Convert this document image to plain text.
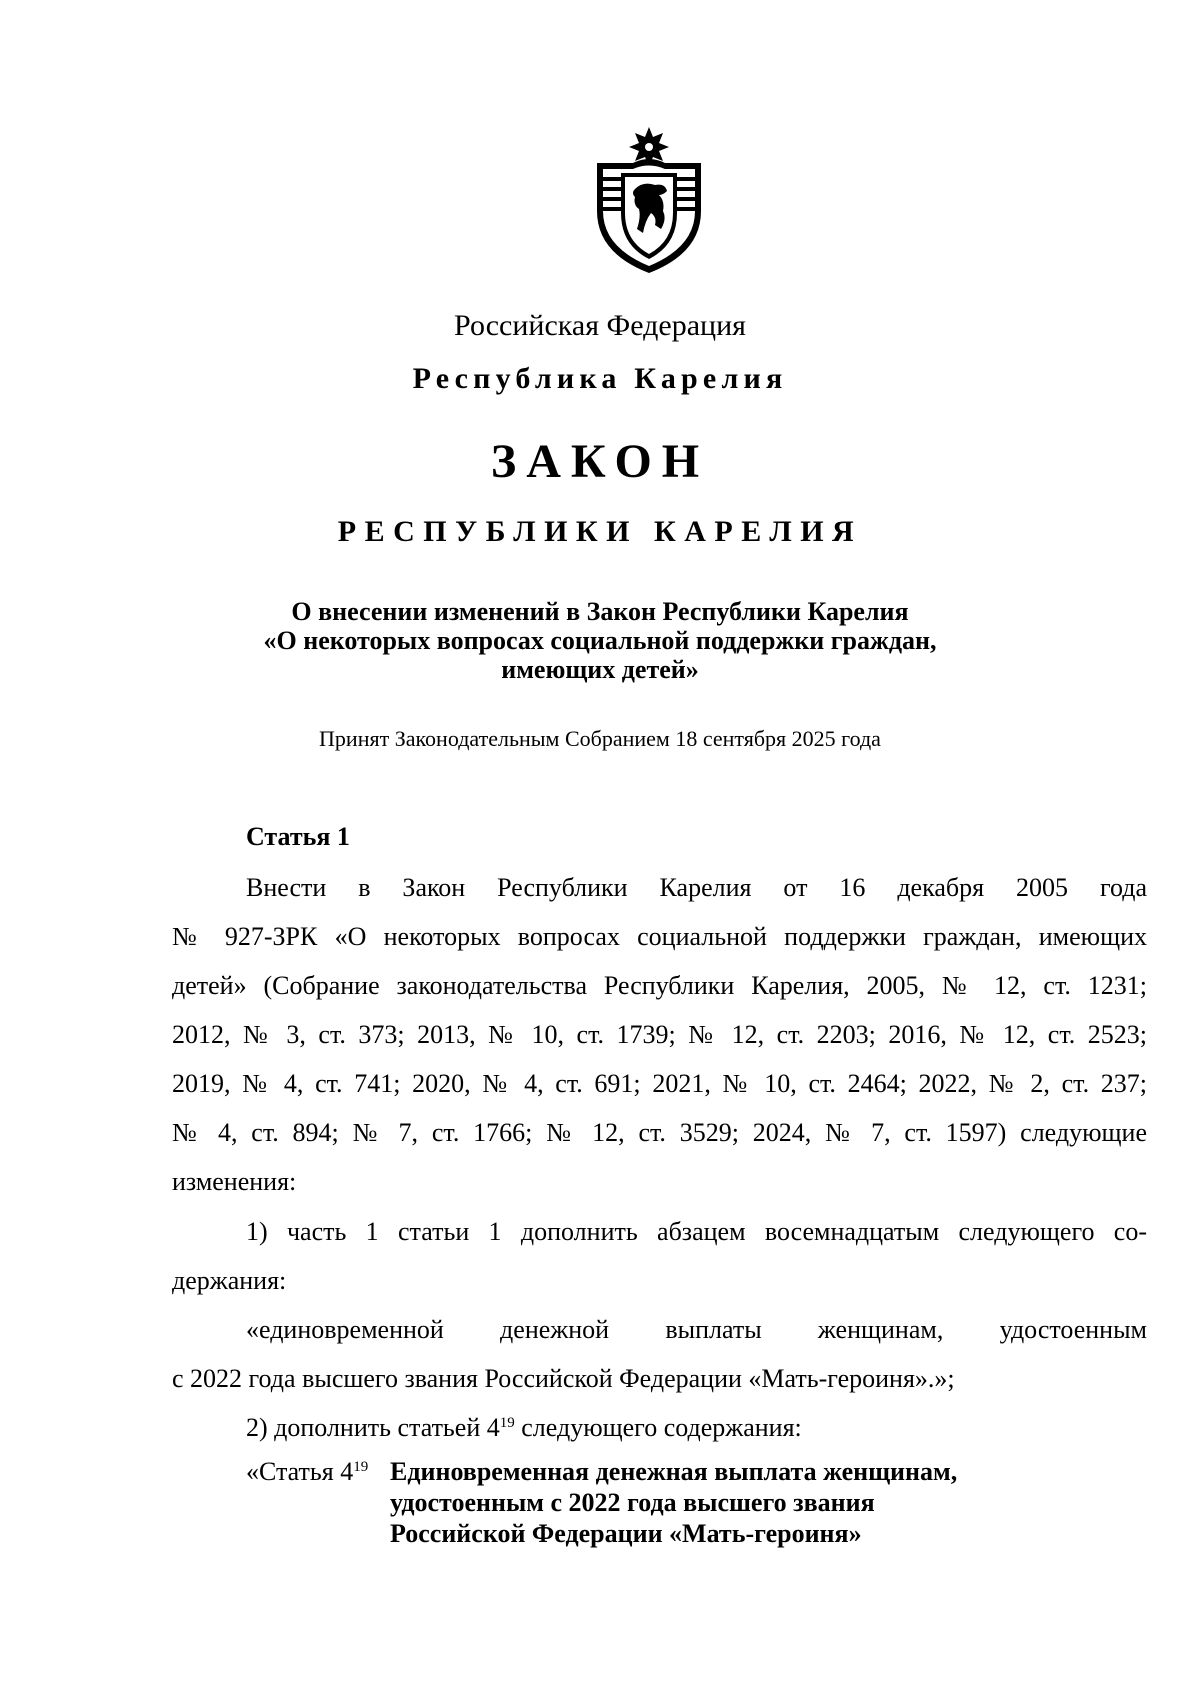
Российская Федерация
Республика Карелия
ЗАКОН
РЕСПУБЛИКИ КАРЕЛИЯ
О внесении изменений в Закон Республики Карелия
«О некоторых вопросах социальной поддержки граждан,
имеющих детей»
Принят Законодательным Собранием 18 сентября 2025 года
Статья 1
Внести в Закон Республики Карелия от 16 декабря 2005 года
№ 927-ЗРК «О некоторых вопросах социальной поддержки граждан, имеющих
детей» (Собрание законодательства Республики Карелия, 2005, № 12, ст. 1231;
2012, № 3, ст. 373; 2013, № 10, ст. 1739; № 12, ст. 2203; 2016, № 12, ст. 2523;
2019, № 4, ст. 741; 2020, № 4, ст. 691; 2021, № 10, ст. 2464; 2022, № 2, ст. 237;
№ 4, ст. 894; № 7, ст. 1766; № 12, ст. 3529; 2024, № 7, ст. 1597) следующие
изменения:
1) часть 1 статьи 1 дополнить абзацем восемнадцатым следующего со-
держания:
«единовременной денежной выплаты женщинам, удостоенным
с 2022 года высшего звания Российской Федерации «Мать-героиня».»;
2) дополнить статьей $4^{19}$ следующего содержания:
«Статья $4^{19}$ Единовременная денежная выплата женщинам,
удостоенным с 2022 года высшего звания
Российской Федерации «Мать-героиня»
